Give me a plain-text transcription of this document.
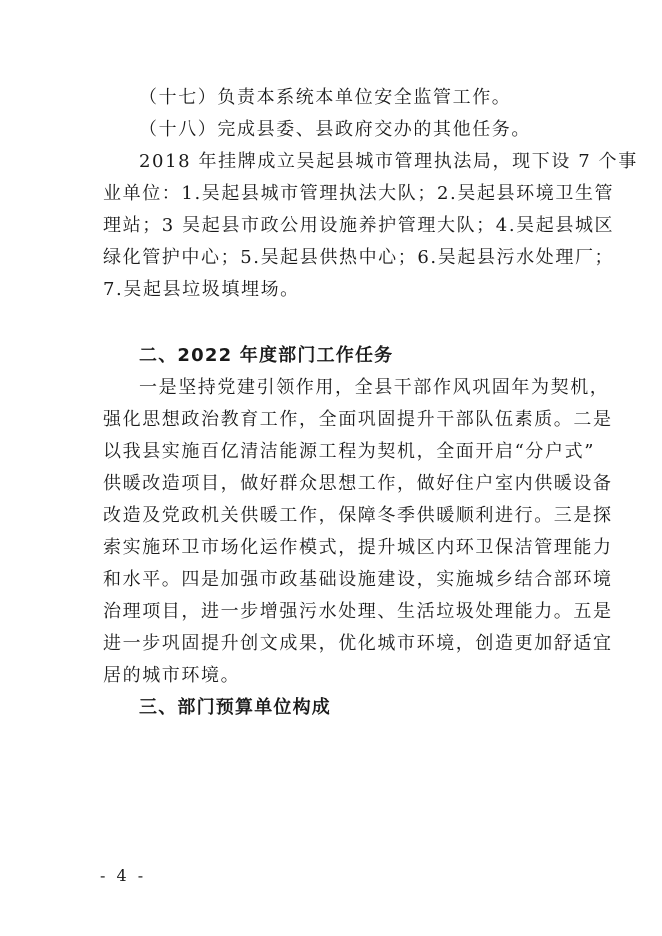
（十七）负责本系统本单位安全监管工作。
（十八）完成县委、县政府交办的其他任务。
2018 年挂牌成立吴起县城市管理执法局，现下设 7 个事
业单位：1.吴起县城市管理执法大队；2.吴起县环境卫生管
理站；3 吴起县市政公用设施养护管理大队；4.吴起县城区
绿化管护中心；5.吴起县供热中心；6.吴起县污水处理厂；
7.吴起县垃圾填埋场。
二、2022 年度部门工作任务
一是坚持党建引领作用，全县干部作风巩固年为契机，
强化思想政治教育工作，全面巩固提升干部队伍素质。二是
以我县实施百亿清洁能源工程为契机，全面开启“分户式”
供暖改造项目，做好群众思想工作，做好住户室内供暖设备
改造及党政机关供暖工作，保障冬季供暖顺利进行。三是探
索实施环卫市场化运作模式，提升城区内环卫保洁管理能力
和水平。四是加强市政基础设施建设，实施城乡结合部环境
治理项目，进一步增强污水处理、生活垃圾处理能力。五是
进一步巩固提升创文成果，优化城市环境，创造更加舒适宜
居的城市环境。
三、部门预算单位构成
- 4 -
